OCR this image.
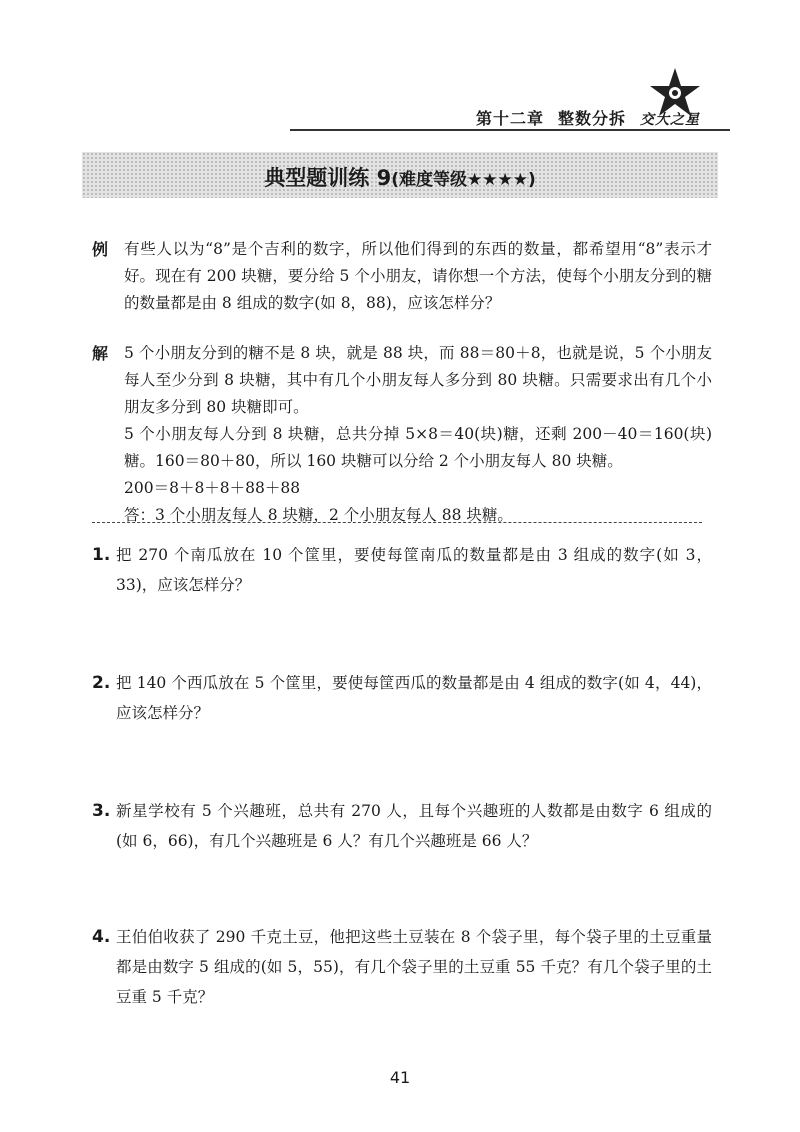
第十二章 整数分拆 交大之星
典型题训练 9(难度等级★★★★)
例 有些人以为“8”是个吉利的数字，所以他们得到的东西的数量，都希望用“8”表示才好。现在有 200 块糖，要分给 5 个小朋友，请你想一个方法，使每个小朋友分到的糖的数量都是由 8 组成的数字(如 8，88)，应该怎样分？
解 5 个小朋友分到的糖不是 8 块，就是 88 块，而 88＝80＋8，也就是说，5 个小朋友每人至少分到 8 块糖，其中有几个小朋友每人多分到 80 块糖。只需要求出有几个小朋友多分到 80 块糖即可。
5 个小朋友每人分到 8 块糖，总共分掉 5×8＝40(块)糖，还剩 200－40＝160(块)糖。160＝80＋80，所以 160 块糖可以分给 2 个小朋友每人 80 块糖。
200＝8＋8＋8＋88＋88
答：3 个小朋友每人 8 块糖，2 个小朋友每人 88 块糖。
1. 把 270 个南瓜放在 10 个筐里，要使每筐南瓜的数量都是由 3 组成的数字(如 3，33)，应该怎样分？
2. 把 140 个西瓜放在 5 个筐里，要使每筐西瓜的数量都是由 4 组成的数字(如 4，44)，应该怎样分？
3. 新星学校有 5 个兴趣班，总共有 270 人，且每个兴趣班的人数都是由数字 6 组成的(如 6，66)，有几个兴趣班是 6 人？有几个兴趣班是 66 人？
4. 王伯伯收获了 290 千克土豆，他把这些土豆装在 8 个袋子里，每个袋子里的土豆重量都是由数字 5 组成的(如 5，55)，有几个袋子里的土豆重 55 千克？有几个袋子里的土豆重 5 千克？
41
